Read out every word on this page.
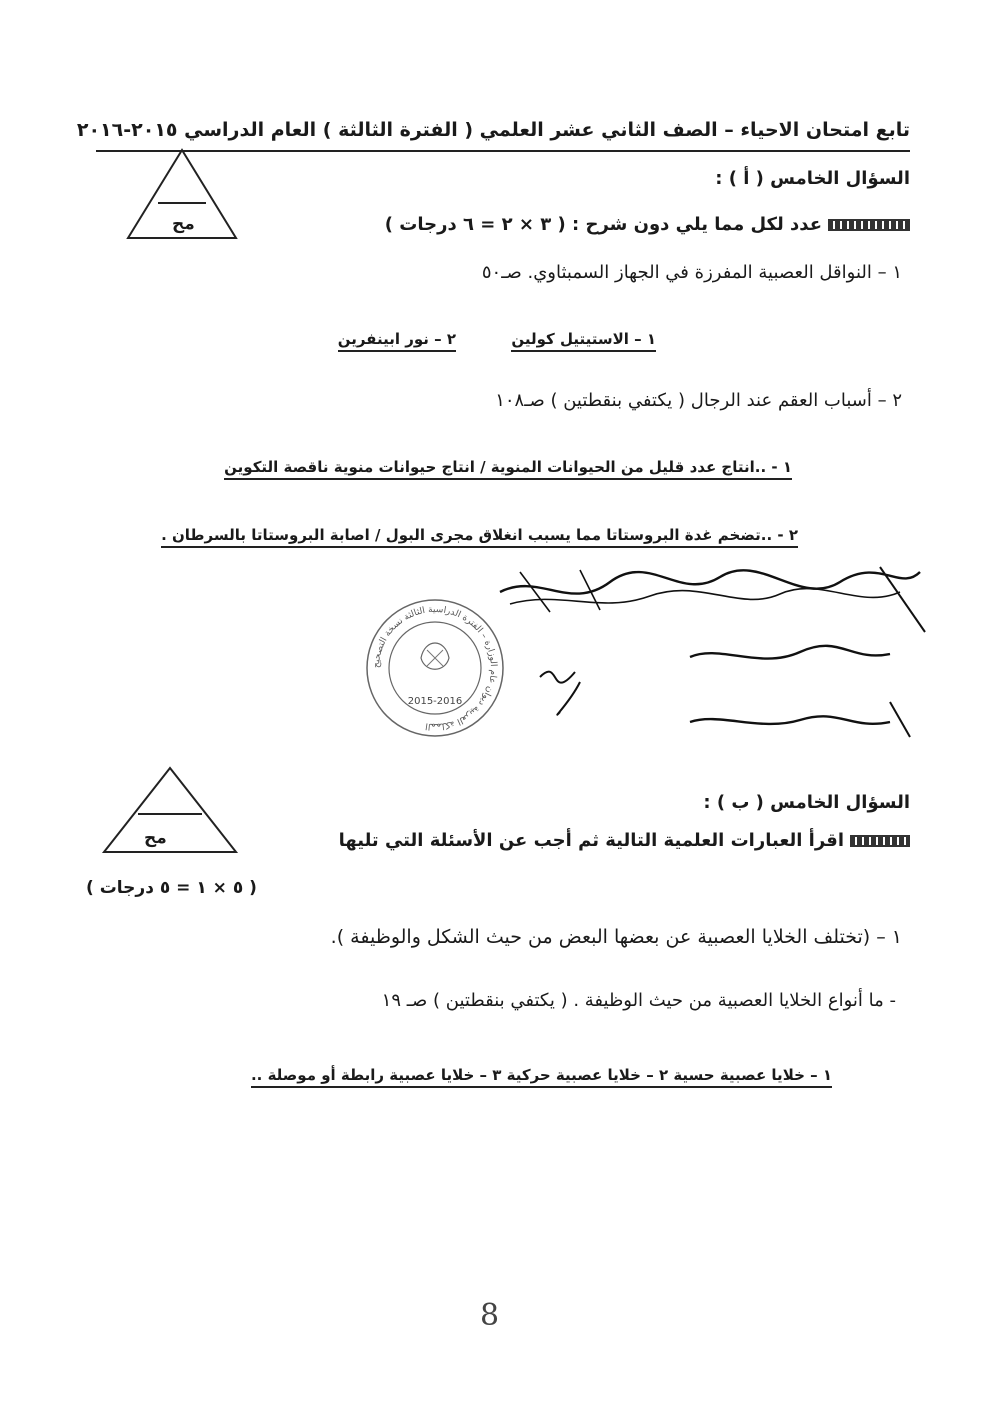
تابع امتحان الاحياء – الصف الثاني عشر العلمي ( الفترة الثالثة ) العام الدراسي ٢٠١٥-٢٠١٦
السؤال الخامس ( أ ) :
مح	عدد لكل مما يلي دون شرح : ( ٣ × ٢ = ٦ درجات )
١ – النواقل العصبية المفرزة في الجهاز السمبثاوي. صـ٥٠
١ – الاستيتيل كولين
٢ – نور ابينفرين
٢ – أسباب العقم عند الرجال ( يكتفي بنقطتين ) صـ١٠٨
١ - ..انتاج عدد قليل من الحيوانات المنوية / انتاج حيوانات منوية ناقصة التكوين
٢ - ..تضخم غدة البروستاتا مما يسبب انغلاق مجرى البول / اصابة البروستاتا بالسرطان .
المملكة العربية ديوان عام الوزارة – الفترة الدراسية الثالثة نسخة التصحيح
2015-2016
السؤال الخامس ( ب ) :
مح	اقرأ العبارات العلمية التالية ثم أجب عن الأسئلة التي تليها
( ٥ × ١ = ٥ درجات )
١ – (تختلف الخلايا العصبية عن بعضها البعض من حيث الشكل والوظيفة ).
- ما أنواع الخلايا العصبية من حيث الوظيفة . ( يكتفي بنقطتين ) صـ ١٩
١ – خلايا عصبية حسية ٢ – خلايا عصبية حركية ٣ – خلايا عصبية رابطة أو موصلة ..
8
